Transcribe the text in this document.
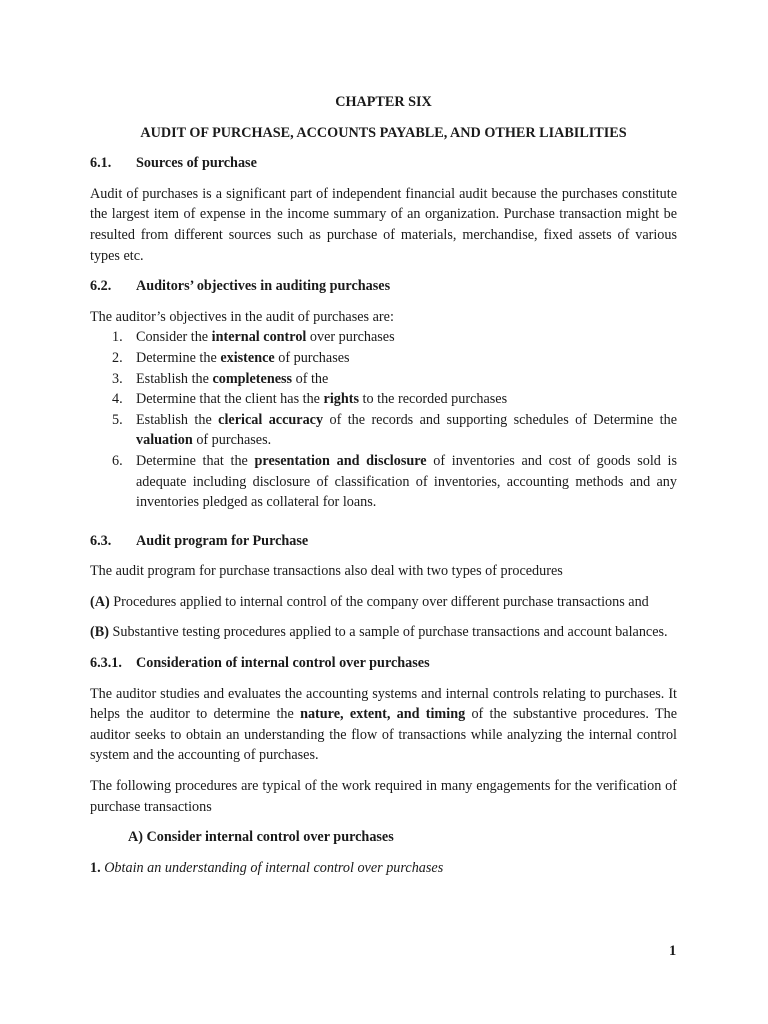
CHAPTER SIX
AUDIT OF PURCHASE, ACCOUNTS PAYABLE, AND OTHER LIABILITIES
6.1. Sources of purchase
Audit of purchases is a significant part of independent financial audit because the purchases constitute the largest item of expense in the income summary of an organization. Purchase transaction might be resulted from different sources such as purchase of materials, merchandise, fixed assets of various types etc.
6.2. Auditors’ objectives in auditing purchases
The auditor’s objectives in the audit of purchases are:
1. Consider the internal control over purchases
2. Determine the existence of purchases
3. Establish the completeness of the
4. Determine that the client has the rights to the recorded purchases
5. Establish the clerical accuracy of the records and supporting schedules of Determine the valuation of purchases.
6. Determine that the presentation and disclosure of inventories and cost of goods sold is adequate including disclosure of classification of inventories, accounting methods and any inventories pledged as collateral for loans.
6.3. Audit program for Purchase
The audit program for purchase transactions also deal with two types of procedures
(A) Procedures applied to internal control of the company over different purchase transactions and
(B) Substantive testing procedures applied to a sample of purchase transactions and account balances.
6.3.1. Consideration of internal control over purchases
The auditor studies and evaluates the accounting systems and internal controls relating to purchases. It helps the auditor to determine the nature, extent, and timing of the substantive procedures. The auditor seeks to obtain an understanding the flow of transactions while analyzing the internal control system and the accounting of purchases.
The following procedures are typical of the work required in many engagements for the verification of purchase transactions
A) Consider internal control over purchases
1. Obtain an understanding of internal control over purchases
1
